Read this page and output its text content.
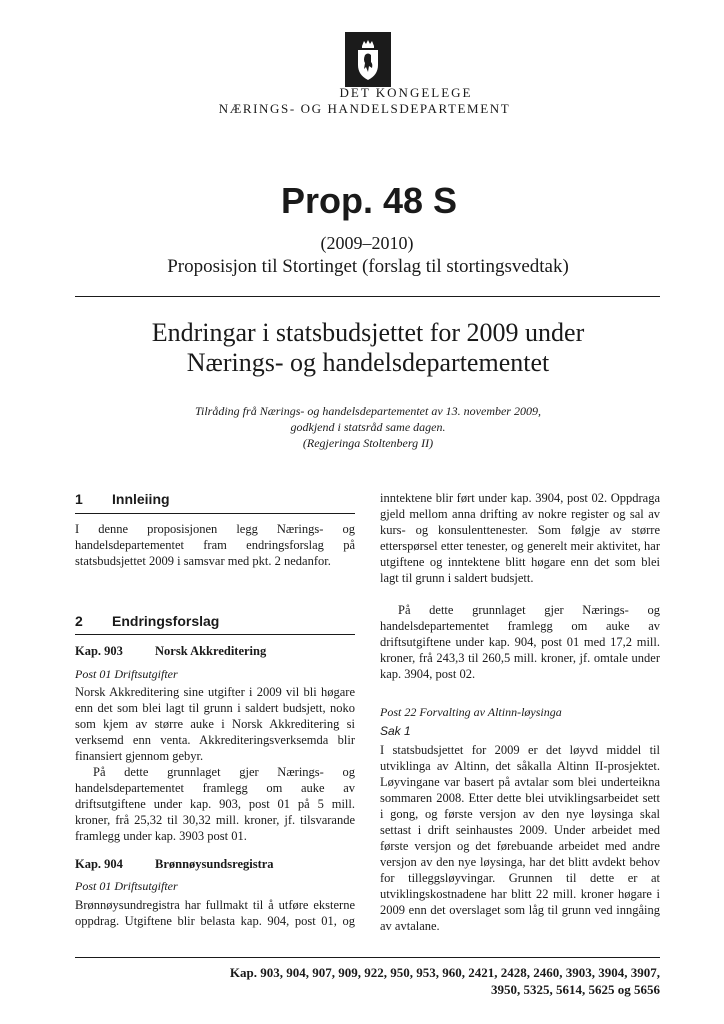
DET KONGELEGE
NÆRINGS- OG HANDELSDEPARTEMENT
Prop. 48 S
(2009–2010)
Proposisjon til Stortinget (forslag til stortingsvedtak)
Endringar i statsbudsjettet for 2009 under
Nærings- og handelsdepartementet
Tilråding frå Nærings- og handelsdepartementet av 13. november 2009,
godkjend i statsråd same dagen.
(Regjeringa Stoltenberg II)
1 Innleiing
I denne proposisjonen legg Nærings- og handelsdepartementet fram endringsforslag på statsbudsjettet 2009 i samsvar med pkt. 2 nedanfor.
2 Endringsforslag
Kap. 903	Norsk Akkreditering
Post 01 Driftsutgifter
Norsk Akkreditering sine utgifter i 2009 vil bli høgare enn det som blei lagt til grunn i saldert budsjett, noko som kjem av større auke i Norsk Akkreditering si verksemd enn venta. Akkrediteringsverksemda blir finansiert gjennom gebyr.
På dette grunnlaget gjer Nærings- og handelsdepartementet framlegg om auke av driftsutgiftene under kap. 903, post 01 på 5 mill. kroner, frå 25,32 til 30,32 mill. kroner, jf. tilsvarande framlegg under kap. 3903 post 01.
Kap. 904	Brønnøysundsregistra
Post 01 Driftsutgifter
Brønnøysundregistra har fullmakt til å utføre eksterne oppdrag. Utgiftene blir belasta kap. 904, post 01, og
inntektene blir ført under kap. 3904, post 02. Oppdraga gjeld mellom anna drifting av nokre register og sal av kurs- og konsulenttenester. Som følgje av større etterspørsel etter tenester, og generelt meir aktivitet, har utgiftene og inntektene blitt høgare enn det som blei lagt til grunn i saldert budsjett.
På dette grunnlaget gjer Nærings- og handelsdepartementet framlegg om auke av driftsutgiftene under kap. 904, post 01 med 17,2 mill. kroner, frå 243,3 til 260,5 mill. kroner, jf. omtale under kap. 3904, post 02.
Post 22 Forvalting av Altinn-løysinga
Sak 1
I statsbudsjettet for 2009 er det løyvd middel til utviklinga av Altinn, det såkalla Altinn II-prosjektet. Løyvingane var basert på avtalar som blei underteikna sommaren 2008. Etter dette blei utviklingsarbeidet sett i gong, og første versjon av den nye løysinga skal settast i drift seinhaustes 2009. Under arbeidet med første versjon og det førebuande arbeidet med andre versjon av den nye løysinga, har det blitt avdekt behov for tilleggsløyvingar. Grunnen til dette er at utviklingskostnadene har blitt 22 mill. kroner høgare i 2009 enn det overslaget som låg til grunn ved inngåing av avtalane.
Kap. 903, 904, 907, 909, 922, 950, 953, 960, 2421, 2428, 2460, 3903, 3904, 3907,
3950, 5325, 5614, 5625 og 5656
